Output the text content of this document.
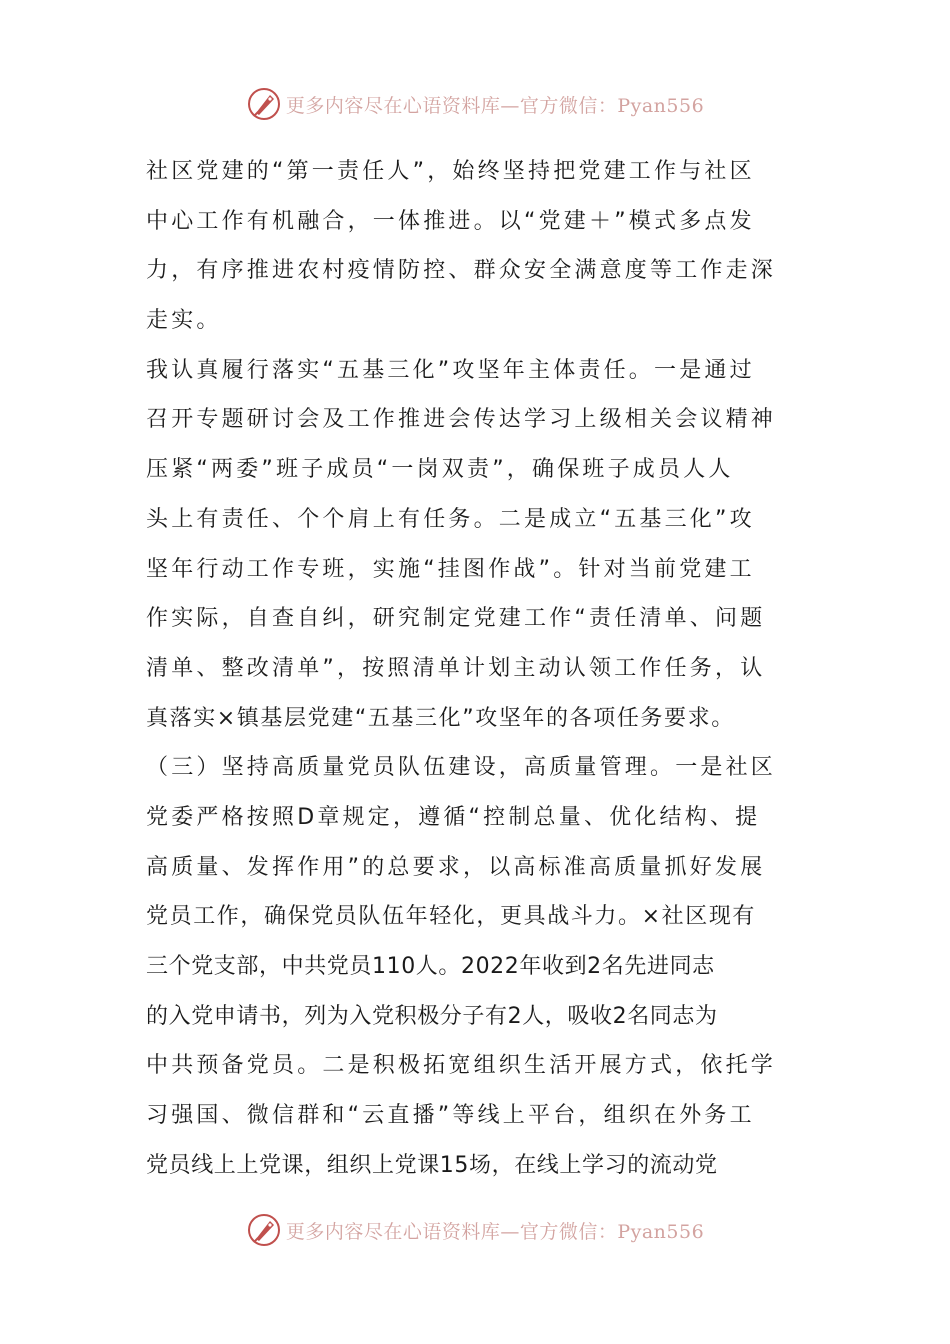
更多内容尽在心语资料库—官方微信：Pyan556
社区党建的“第一责任人”，始终坚持把党建工作与社区
中心工作有机融合，一体推进。以“党建＋”模式多点发
力，有序推进农村疫情防控、群众安全满意度等工作走深
走实。
我认真履行落实“五基三化”攻坚年主体责任。一是通过
召开专题研讨会及工作推进会传达学习上级相关会议精神
压紧“两委”班子成员“一岗双责”，确保班子成员人人
头上有责任、个个肩上有任务。二是成立“五基三化”攻
坚年行动工作专班，实施“挂图作战”。针对当前党建工
作实际，自查自纠，研究制定党建工作“责任清单、问题
清单、整改清单”，按照清单计划主动认领工作任务，认
真落实×镇基层党建“五基三化”攻坚年的各项任务要求。
（三）坚持高质量党员队伍建设，高质量管理。一是社区
党委严格按照D章规定，遵循“控制总量、优化结构、提
高质量、发挥作用”的总要求，以高标准高质量抓好发展
党员工作，确保党员队伍年轻化，更具战斗力。×社区现有
三个党支部，中共党员110人。2022年收到2名先进同志
的入党申请书，列为入党积极分子有2人，吸收2名同志为
中共预备党员。二是积极拓宽组织生活开展方式，依托学
习强国、微信群和“云直播”等线上平台，组织在外务工
党员线上上党课，组织上党课15场，在线上学习的流动党
更多内容尽在心语资料库—官方微信：Pyan556
